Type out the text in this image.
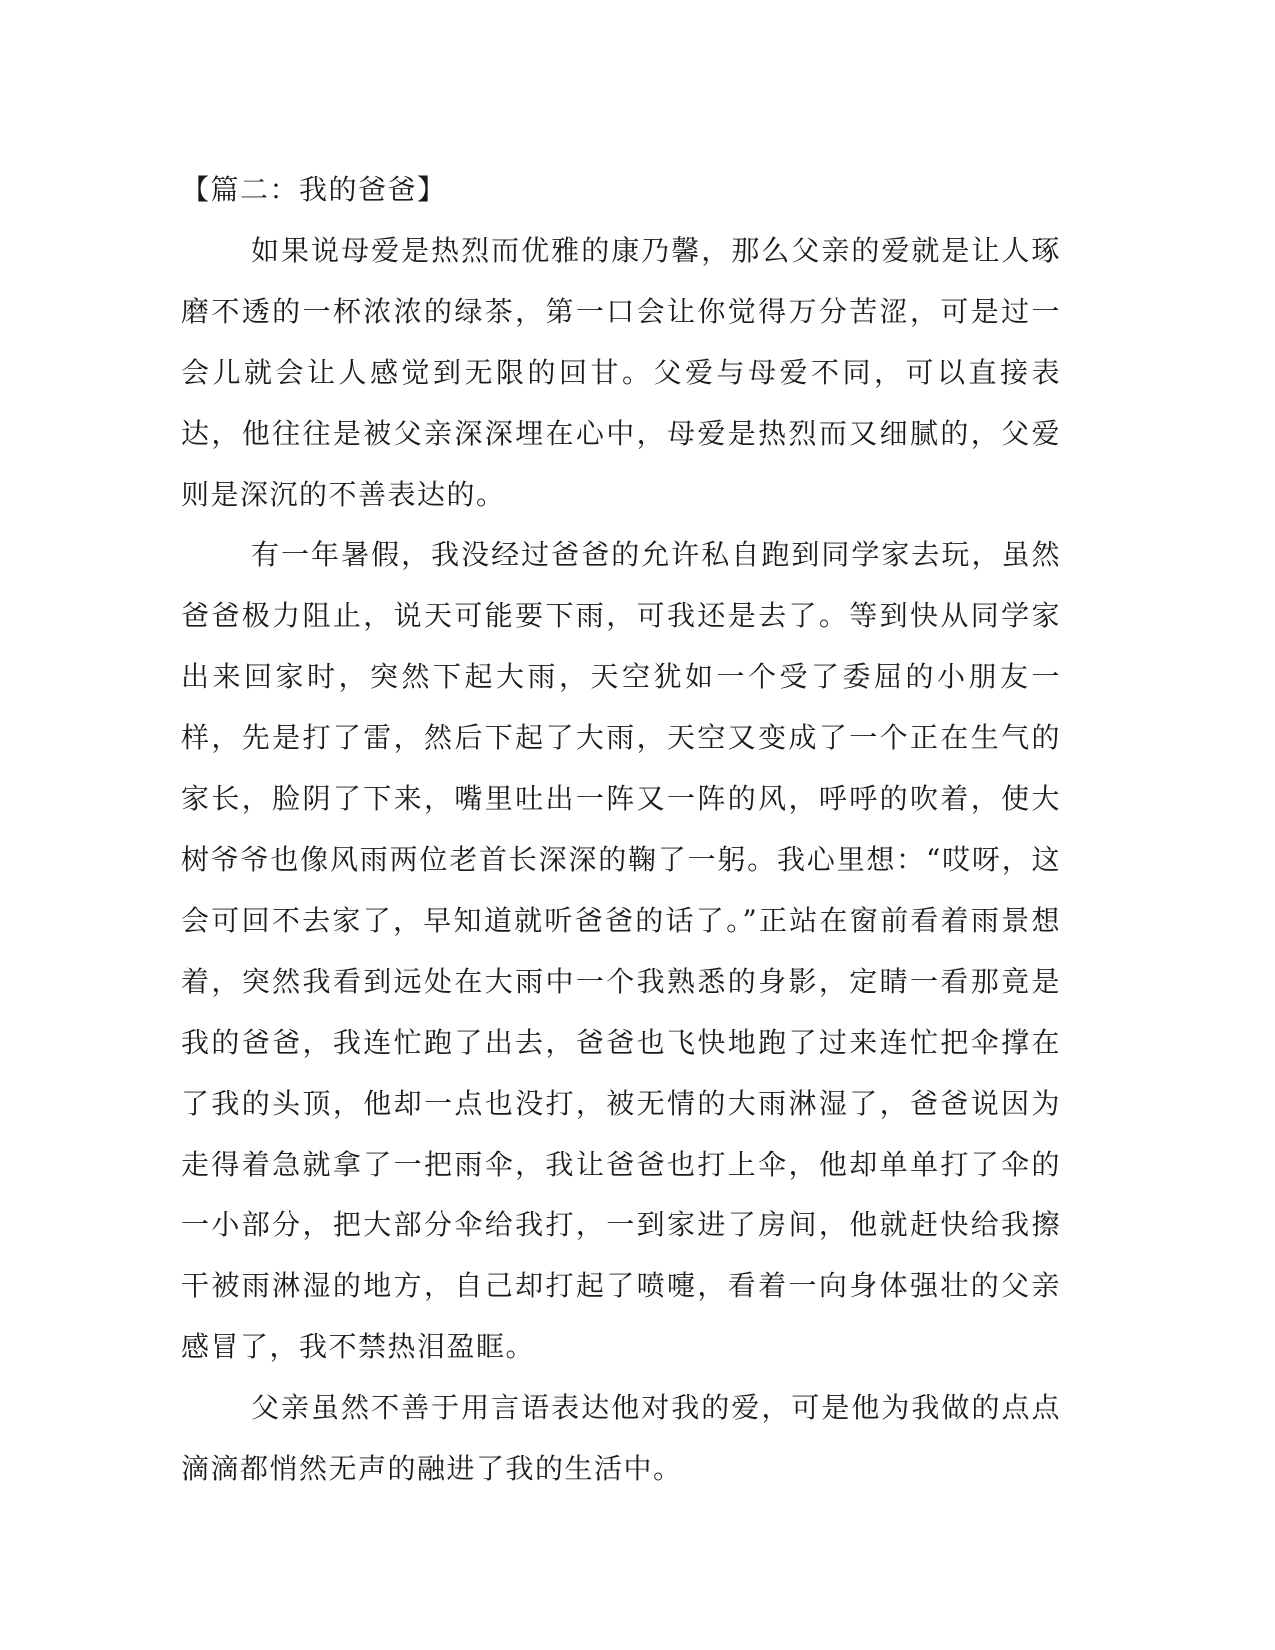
【篇二：我的爸爸】

如果说母爱是热烈而优雅的康乃馨，那么父亲的爱就是让人琢磨不透的一杯浓浓的绿茶，第一口会让你觉得万分苦涩，可是过一会儿就会让人感觉到无限的回甘。父爱与母爱不同，可以直接表达，他往往是被父亲深深埋在心中，母爱是热烈而又细腻的，父爱则是深沉的不善表达的。

有一年暑假，我没经过爸爸的允许私自跑到同学家去玩，虽然爸爸极力阻止，说天可能要下雨，可我还是去了。等到快从同学家出来回家时，突然下起大雨，天空犹如一个受了委屈的小朋友一样，先是打了雷，然后下起了大雨，天空又变成了一个正在生气的家长，脸阴了下来，嘴里吐出一阵又一阵的风，呼呼的吹着，使大树爷爷也像风雨两位老首长深深的鞠了一躬。我心里想：“哎呀，这会可回不去家了，早知道就听爸爸的话了。”正站在窗前看着雨景想着，突然我看到远处在大雨中一个我熟悉的身影，定睛一看那竟是我的爸爸，我连忙跑了出去，爸爸也飞快地跑了过来连忙把伞撑在了我的头顶，他却一点也没打，被无情的大雨淋湿了，爸爸说因为走得着急就拿了一把雨伞，我让爸爸也打上伞，他却单单打了伞的一小部分，把大部分伞给我打，一到家进了房间，他就赶快给我擦干被雨淋湿的地方，自己却打起了喷嚏，看着一向身体强壮的父亲感冒了，我不禁热泪盈眶。

父亲虽然不善于用言语表达他对我的爱，可是他为我做的点点滴滴都悄然无声的融进了我的生活中。
